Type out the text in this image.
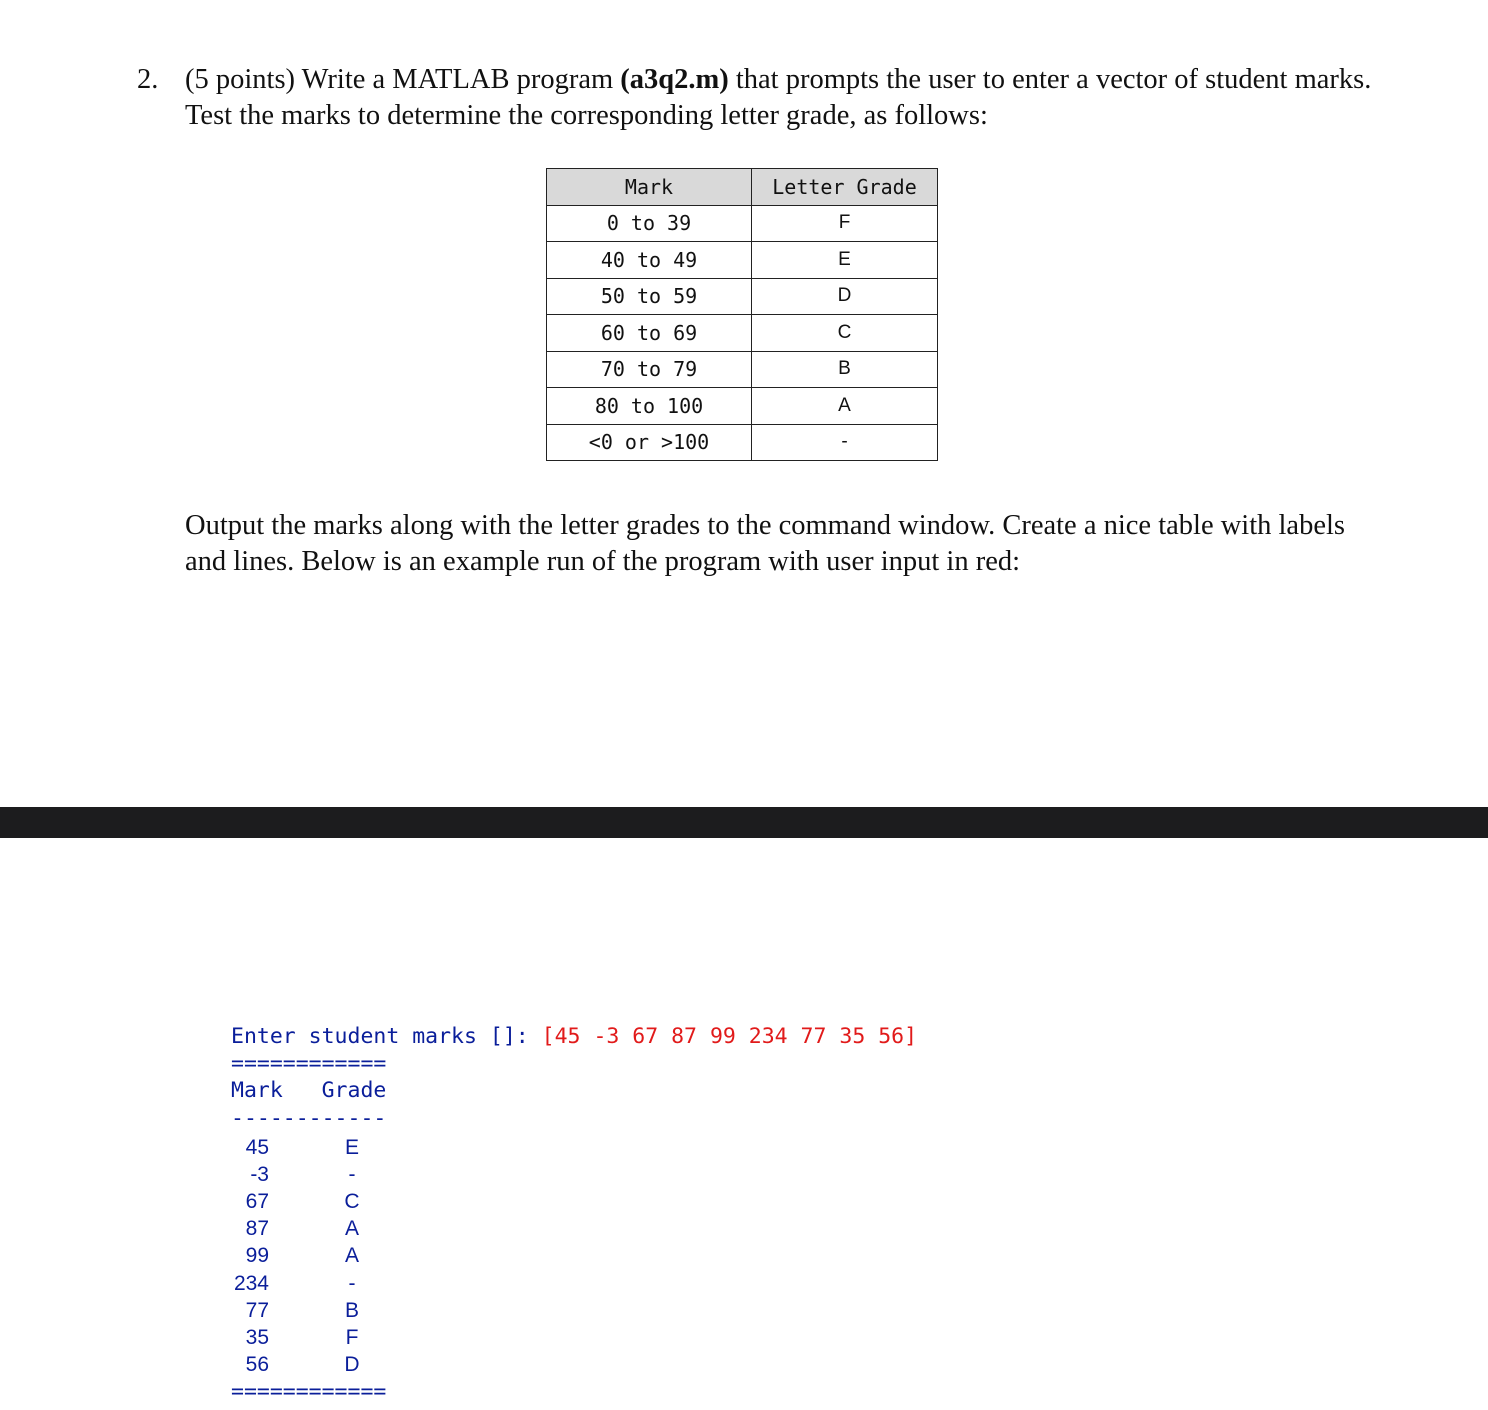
2. (5 points) Write a MATLAB program (a3q2.m) that prompts the user to enter a vector of student marks. Test the marks to determine the corresponding letter grade, as follows:

Mark	Letter Grade
0 to 39	F
40 to 49	E
50 to 59	D
60 to 69	C
70 to 79	B
80 to 100	A
<0 or >100	-

Output the marks along with the letter grades to the command window. Create a nice table with labels and lines. Below is an example run of the program with user input in red:

Enter student marks []: [45 -3 67 87 99 234 77 35 56]
============
Mark   Grade
------------
45	E
-3	-
67	C
87	A
99	A
234	-
77	B
35	F
56	D
============
